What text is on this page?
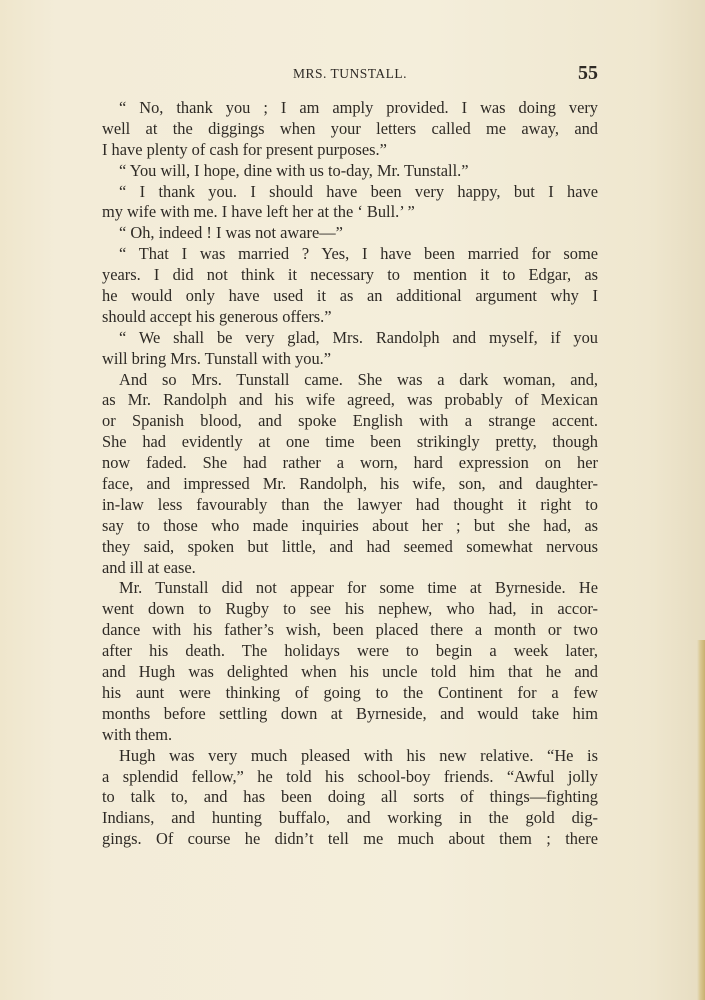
MRS. TUNSTALL.	55
“ No, thank you ; I am amply provided. I was doing very
well at the diggings when your letters called me away, and
I have plenty of cash for present purposes.”
“ You will, I hope, dine with us to-day, Mr. Tunstall.”
“ I thank you. I should have been very happy, but I have
my wife with me. I have left her at the ‘ Bull.’ ”
“ Oh, indeed ! I was not aware—”
“ That I was married ? Yes, I have been married for some
years. I did not think it necessary to mention it to Edgar, as
he would only have used it as an additional argument why I
should accept his generous offers.”
“ We shall be very glad, Mrs. Randolph and myself, if you
will bring Mrs. Tunstall with you.”
And so Mrs. Tunstall came. She was a dark woman, and,
as Mr. Randolph and his wife agreed, was probably of Mexican
or Spanish blood, and spoke English with a strange accent.
She had evidently at one time been strikingly pretty, though
now faded. She had rather a worn, hard expression on her
face, and impressed Mr. Randolph, his wife, son, and daughter-
in-law less favourably than the lawyer had thought it right to
say to those who made inquiries about her ; but she had, as
they said, spoken but little, and had seemed somewhat nervous
and ill at ease.
Mr. Tunstall did not appear for some time at Byrneside. He
went down to Rugby to see his nephew, who had, in accor-
dance with his father’s wish, been placed there a month or two
after his death. The holidays were to begin a week later,
and Hugh was delighted when his uncle told him that he and
his aunt were thinking of going to the Continent for a few
months before settling down at Byrneside, and would take him
with them.
Hugh was very much pleased with his new relative. “He is
a splendid fellow,” he told his school-boy friends. “Awful jolly
to talk to, and has been doing all sorts of things—fighting
Indians, and hunting buffalo, and working in the gold dig-
gings. Of course he didn’t tell me much about them ; there
